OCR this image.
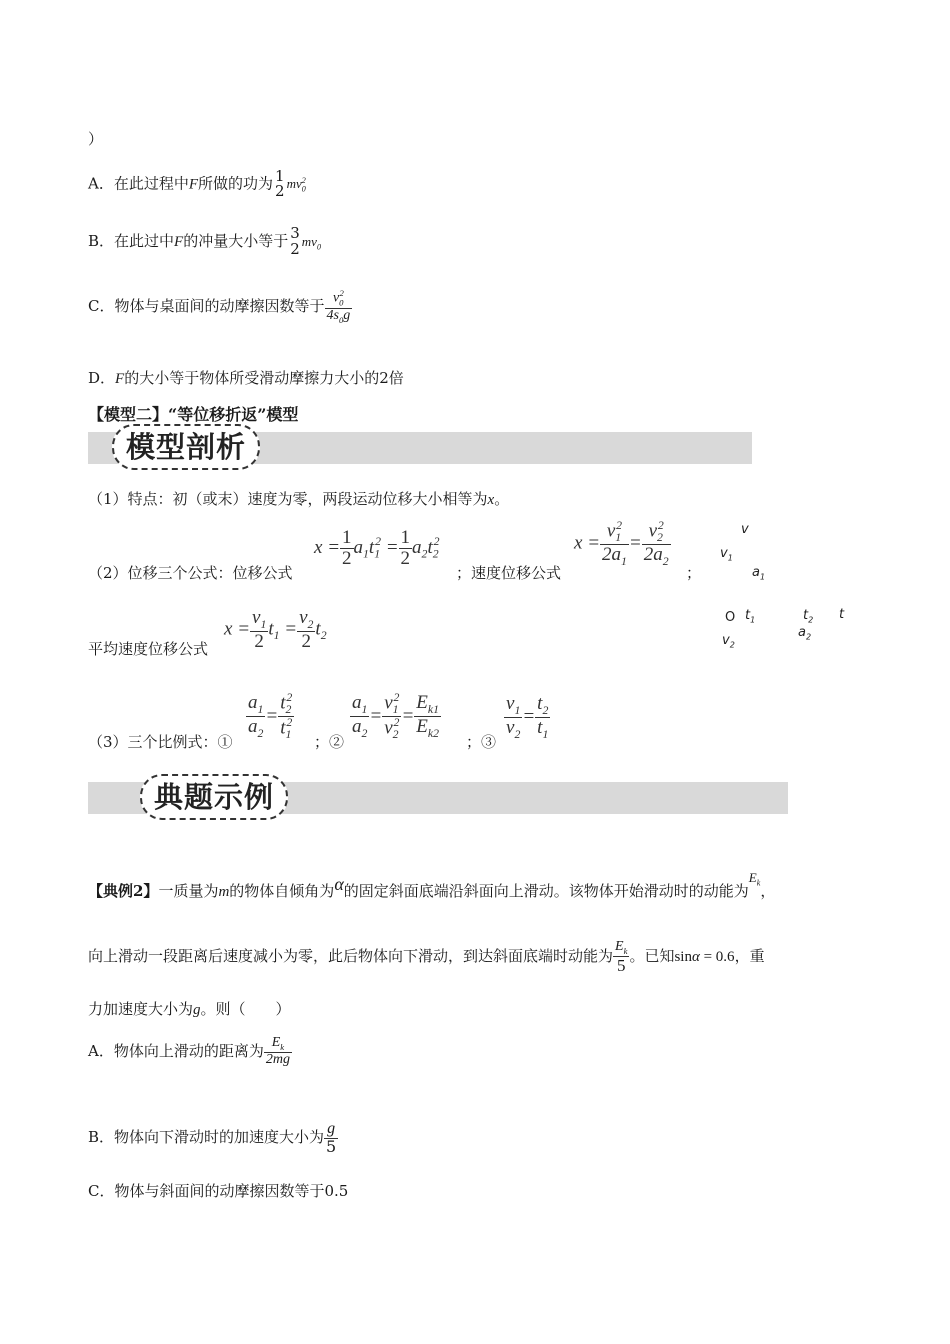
）
A．在此过程中F所做的功为 1
2 $mv_0^2$
B．在此过中F的冲量大小等于 3
2 $mv_0$
C．物体与桌面间的动摩擦因数等于 $\frac{v_0^2}{4s_0g}$
D．F的大小等于物体所受滑动摩擦力大小的2倍
【模型二】“等位移折返”模型
模型剖析
（1）特点：初（或末）速度为零，两段运动位移大小相等为x。
（2）位移三个公式：位移公式
$x = \frac{1}{2} a_1t_1^2 = \frac{1}{2} a_2t_2^2$
；速度位移公式
$x = \frac{v_1^2}{2a_1} = \frac{v_2^2}{2a_2}$
；
v
$v_1$
$a_1$
O $t_1$	$t_2$ t
$a_2$
$v_2$
平均速度位移公式
$x = \frac{v_1}{2} t_1 = \frac{v_2}{2} t_2$
（3）三个比例式：①
$\frac{a_1}{a_2} = \frac{t_2^2}{t_1^2}$
；②
$\frac{a_1}{a_2} = \frac{v_1^2}{v_2^2} = \frac{E_{k1}}{E_{k2}}$
；③
$\frac{v_1}{v_2} = \frac{t_2}{t_1}$
典题示例
【典例2】一质量为m的物体自倾角为$^\alpha$的固定斜面底端沿斜面向上滑动。该物体开始滑动时的动能为$^{E_k}$，
向上滑动一段距离后速度减小为零，此后物体向下滑动，到达斜面底端时动能为 $\frac{E_k}{5}$ 。已知sinα = 0.6，重
力加速度大小为g。则（　　）
A．物体向上滑动的距离为 $\frac{E_k}{2mg}$
B．物体向下滑动时的加速度大小为 $\frac{g}{5}$
C．物体与斜面间的动摩擦因数等于0.5
